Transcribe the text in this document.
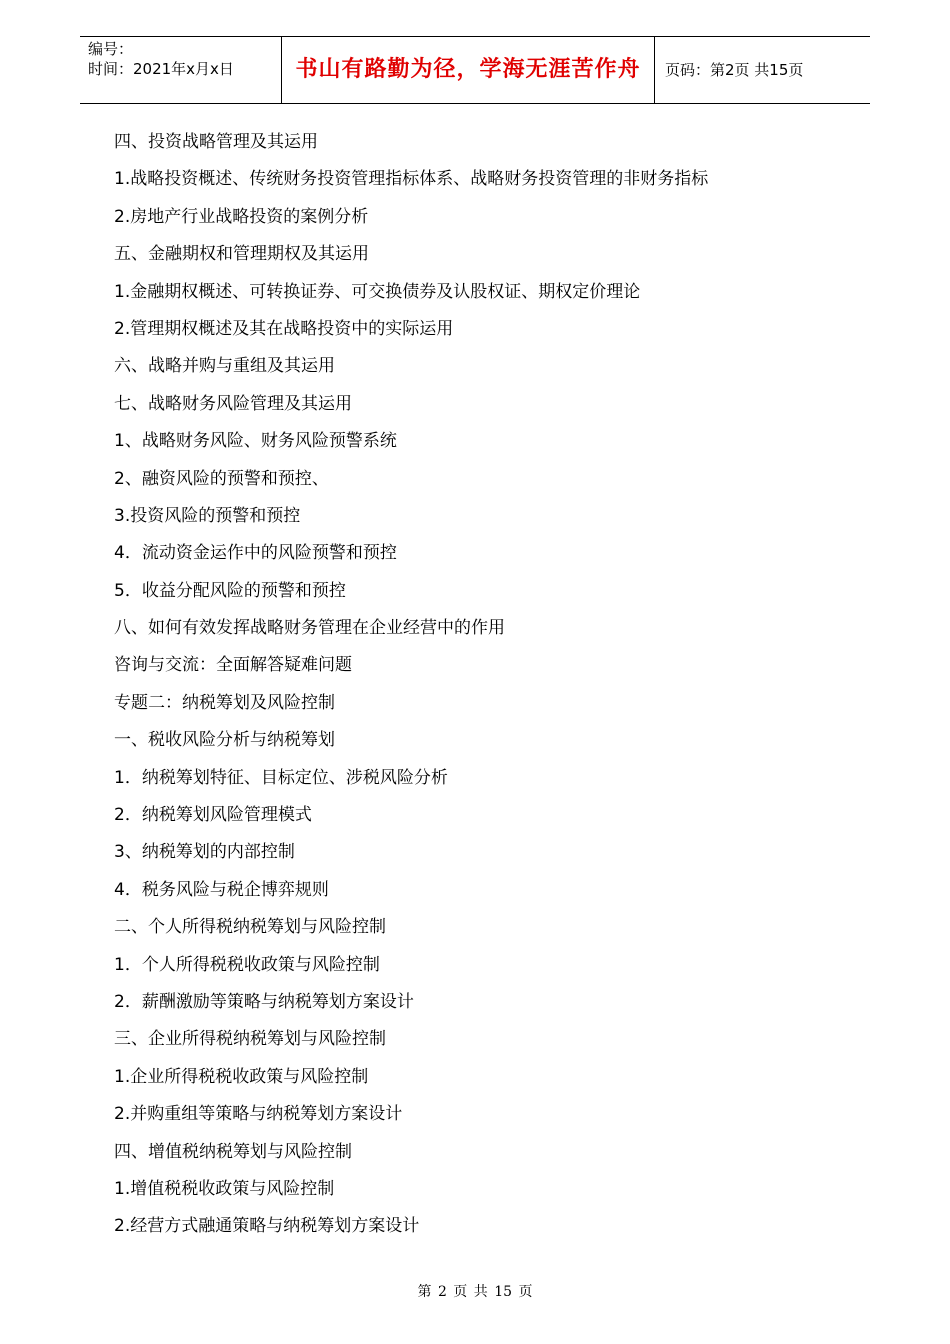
编号：
时间：2021年x月x日	书山有路勤为径，学海无涯苦作舟	页码：第2页 共15页
四、投资战略管理及其运用
1.战略投资概述、传统财务投资管理指标体系、战略财务投资管理的非财务指标
2.房地产行业战略投资的案例分析
五、金融期权和管理期权及其运用
1.金融期权概述、可转换证券、可交换债券及认股权证、期权定价理论
2.管理期权概述及其在战略投资中的实际运用
六、战略并购与重组及其运用
七、战略财务风险管理及其运用
1、战略财务风险、财务风险预警系统
2、融资风险的预警和预控、
3.投资风险的预警和预控
4．流动资金运作中的风险预警和预控
5．收益分配风险的预警和预控
八、如何有效发挥战略财务管理在企业经营中的作用
咨询与交流：全面解答疑难问题
专题二：纳税筹划及风险控制
一、税收风险分析与纳税筹划
1．纳税筹划特征、目标定位、涉税风险分析
2．纳税筹划风险管理模式
3、纳税筹划的内部控制
4．税务风险与税企博弈规则
二、个人所得税纳税筹划与风险控制
1．个人所得税税收政策与风险控制
2．薪酬激励等策略与纳税筹划方案设计
三、企业所得税纳税筹划与风险控制
1.企业所得税税收政策与风险控制
2.并购重组等策略与纳税筹划方案设计
四、增值税纳税筹划与风险控制
1.增值税税收政策与风险控制
2.经营方式融通策略与纳税筹划方案设计
第 2 页 共 15 页
